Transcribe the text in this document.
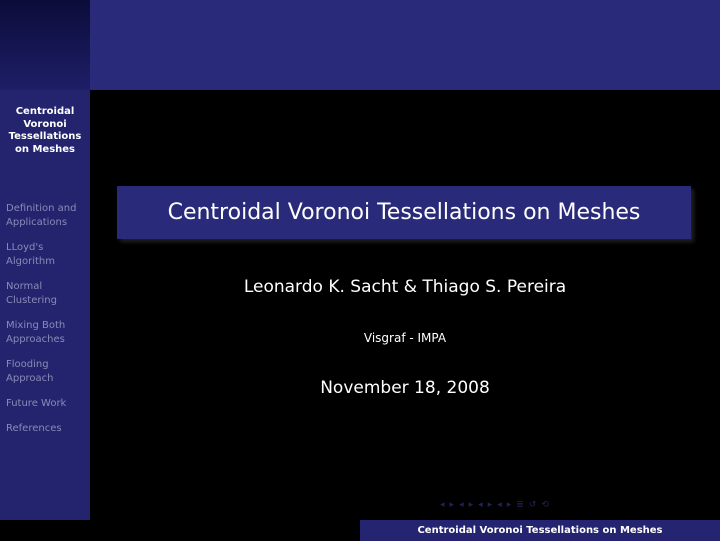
Centroidal
Voronoi
Tessellations
on Meshes
Definition and
Applications
LLoyd's
Algorithm
Normal
Clustering
Mixing Both
Approaches
Flooding
Approach
Future Work
References
Centroidal Voronoi Tessellations on Meshes
Leonardo K. Sacht & Thiago S. Pereira
Visgraf - IMPA
November 18, 2008
◂ ▸ ◂ ▸ ◂ ▸ ◂ ▸ ≣ ↺ ⟲
Centroidal Voronoi Tessellations on Meshes
